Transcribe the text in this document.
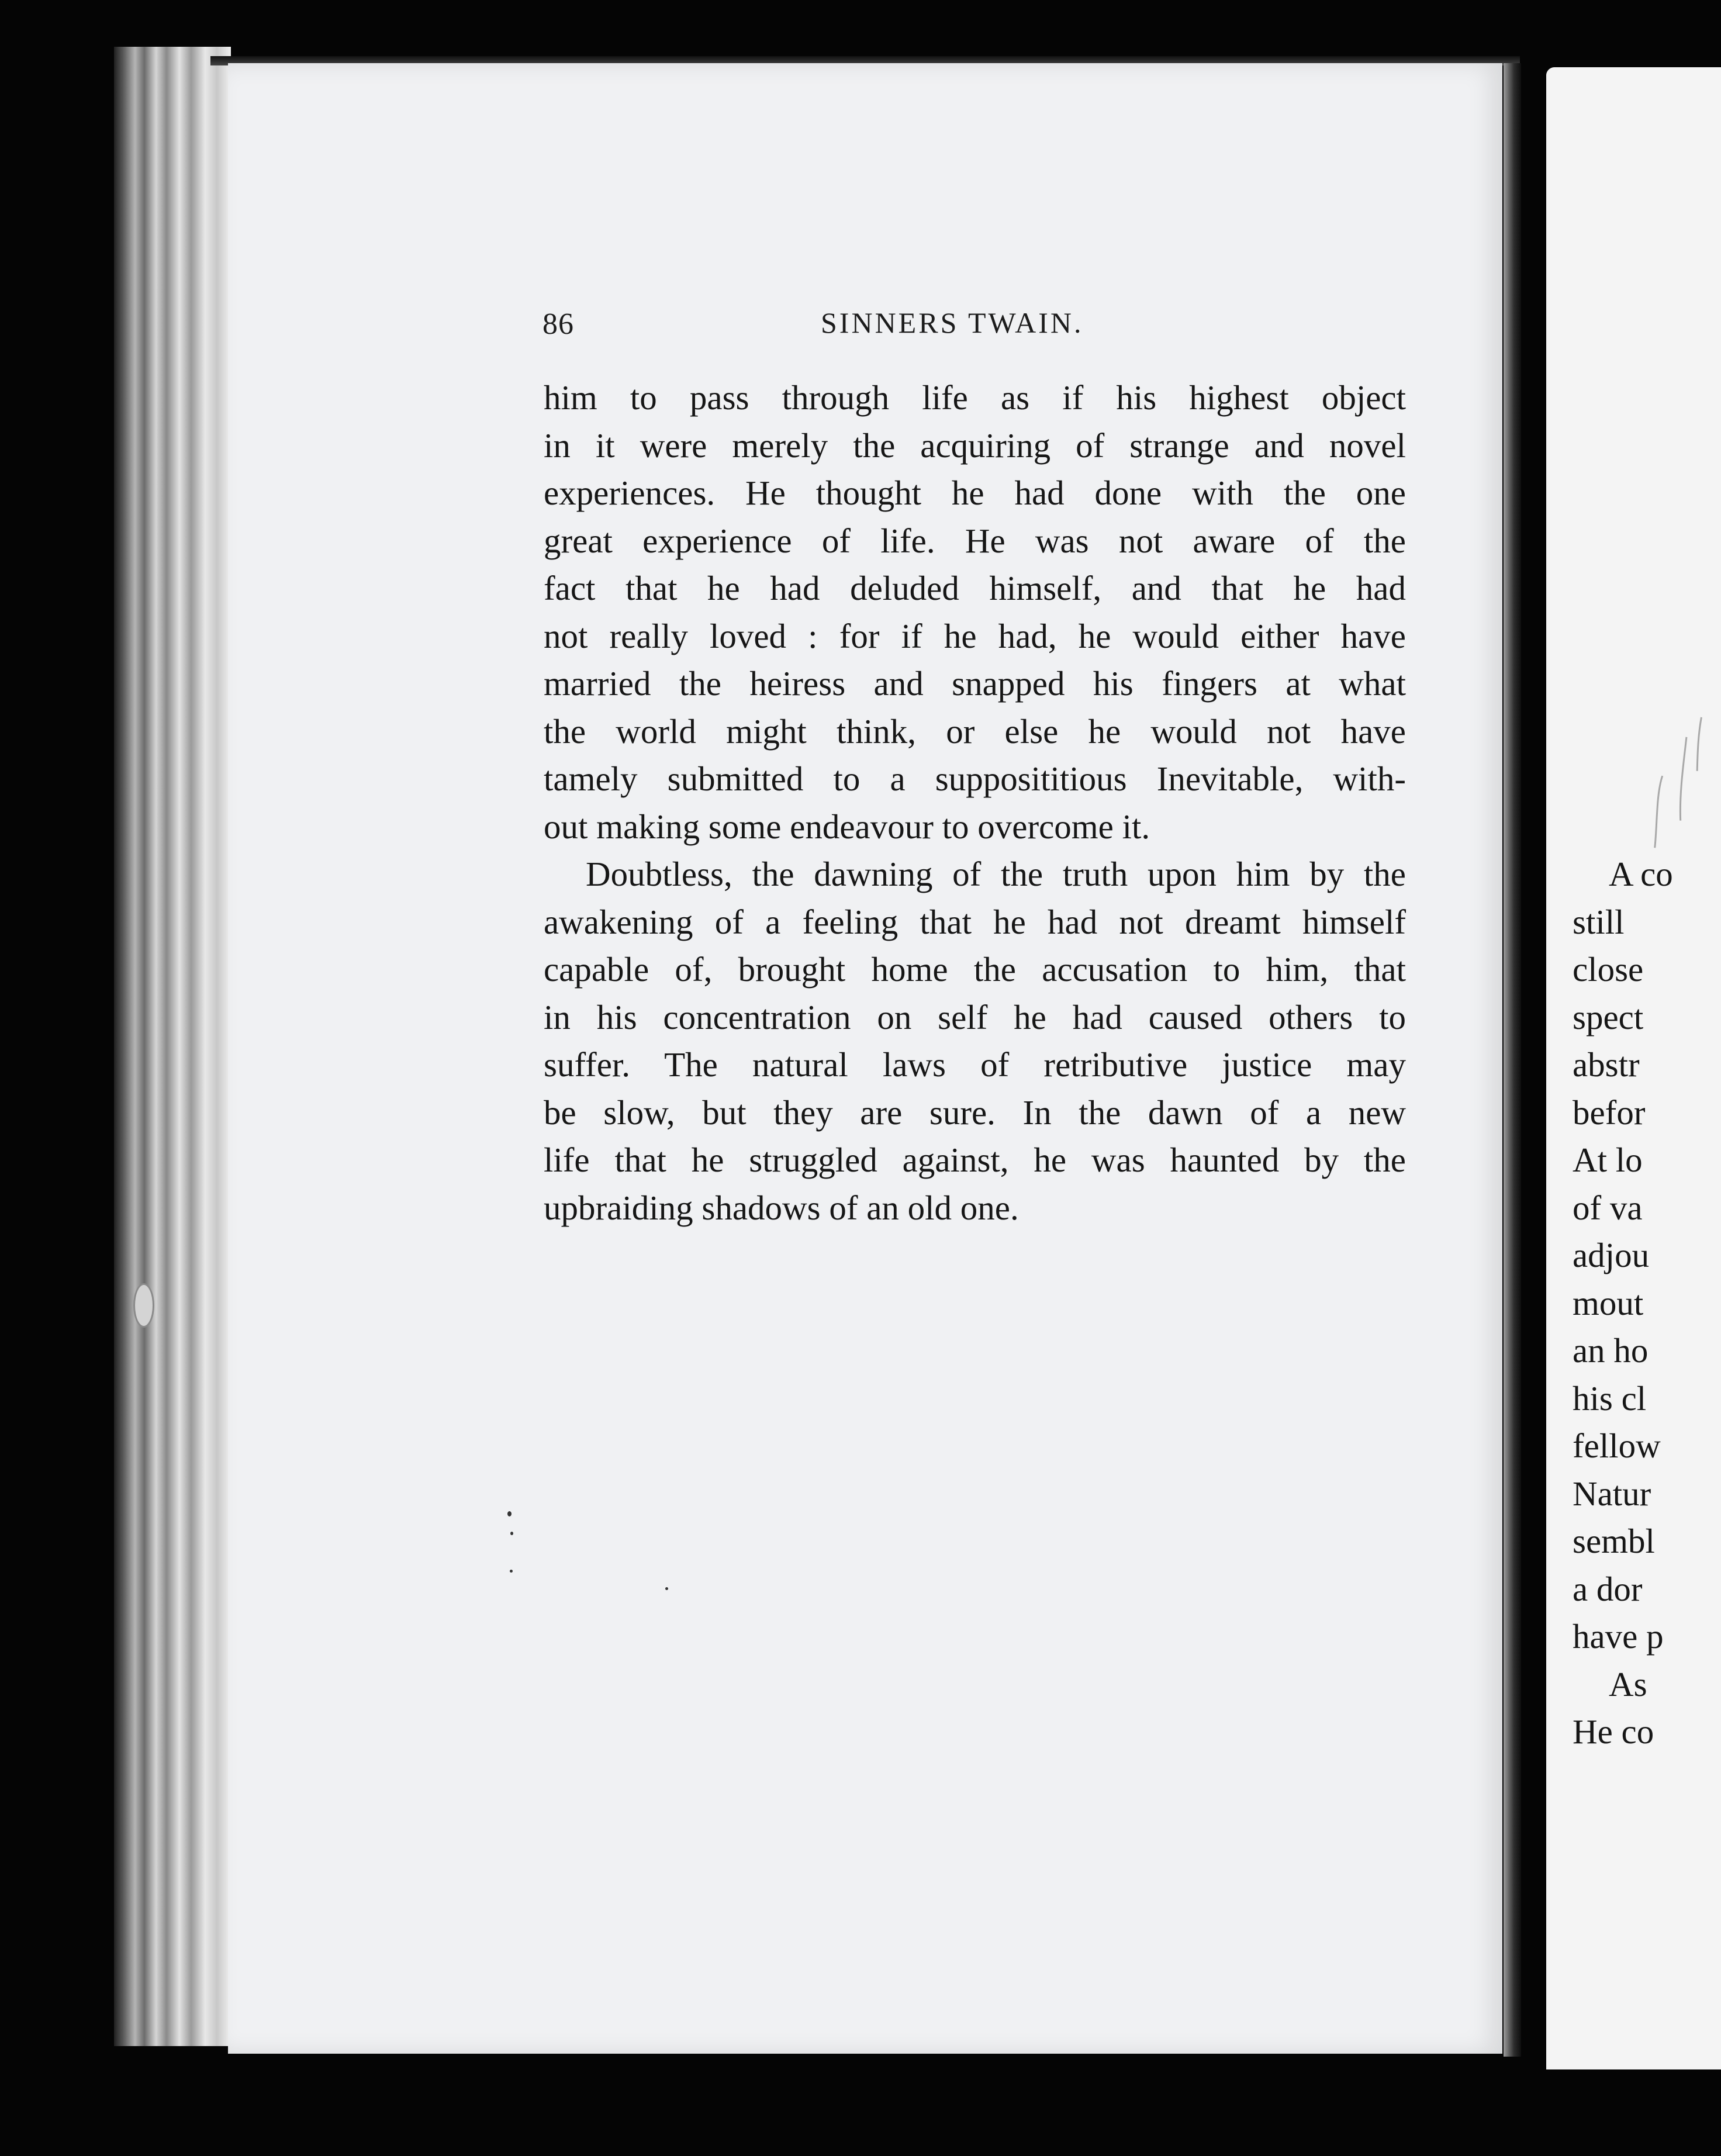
86	SINNERS TWAIN.
him to pass through life as if his highest object
in it were merely the acquiring of strange and novel
experiences. He thought he had done with the one
great experience of life. He was not aware of the
fact that he had deluded himself, and that he had
not really loved : for if he had, he would either have
married the heiress and snapped his fingers at what
the world might think, or else he would not have
tamely submitted to a supposititious Inevitable, with-
out making some endeavour to overcome it.
Doubtless, the dawning of the truth upon him by the
awakening of a feeling that he had not dreamt himself
capable of, brought home the accusation to him, that
in his concentration on self he had caused others to
suffer. The natural laws of retributive justice may
be slow, but they are sure. In the dawn of a new
life that he struggled against, he was haunted by the
upbraiding shadows of an old one.
A co
still
close
spect
abstr
befor
At lo
of va
adjou
mout
an ho
his cl
fellow
Natur
sembl
a dor
have p
As
He co
